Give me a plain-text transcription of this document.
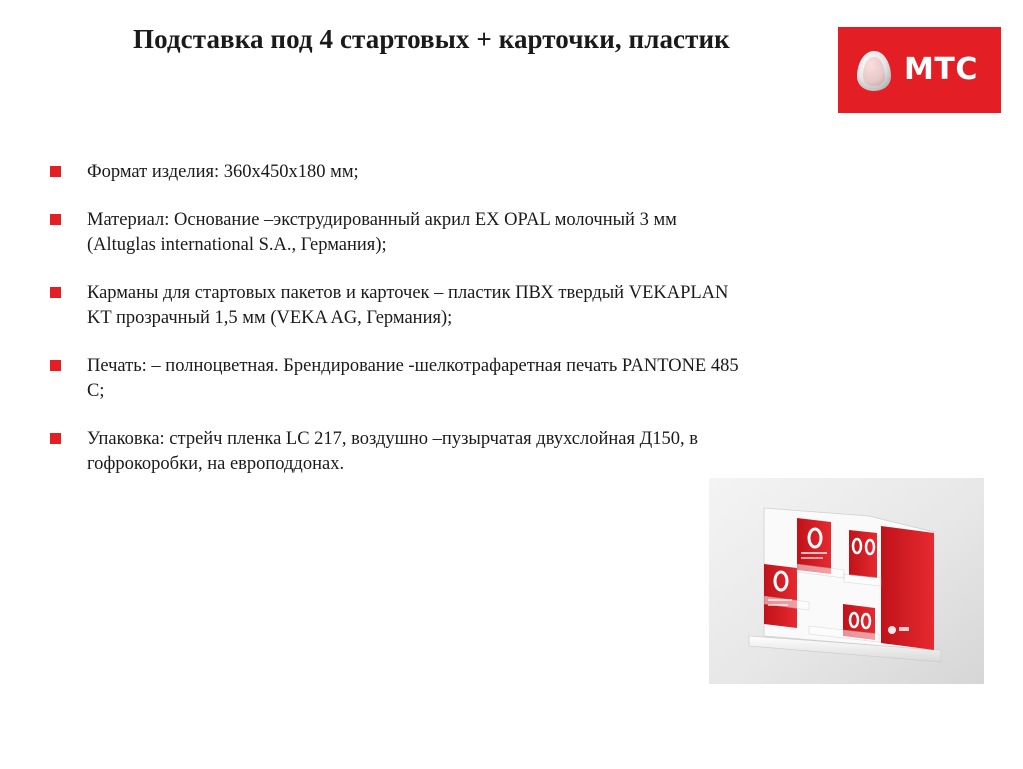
Подставка под 4 стартовых + карточки, пластик
МТС
Формат изделия: 360х450х180 мм;
Материал: Основание –экструдированный акрил EX OPAL молочный 3 мм (Altuglas international S.A., Германия);
Карманы для стартовых пакетов и карточек – пластик ПВХ твердый VEKAPLAN KT прозрачный 1,5 мм (VEKA AG, Германия);
Печать: – полноцветная. Брендирование -шелкотрафаретная печать PANTONE 485 C;
Упаковка: стрейч пленка LC 217, воздушно –пузырчатая двухслойная Д150, в гофрокоробки, на европоддонах.
